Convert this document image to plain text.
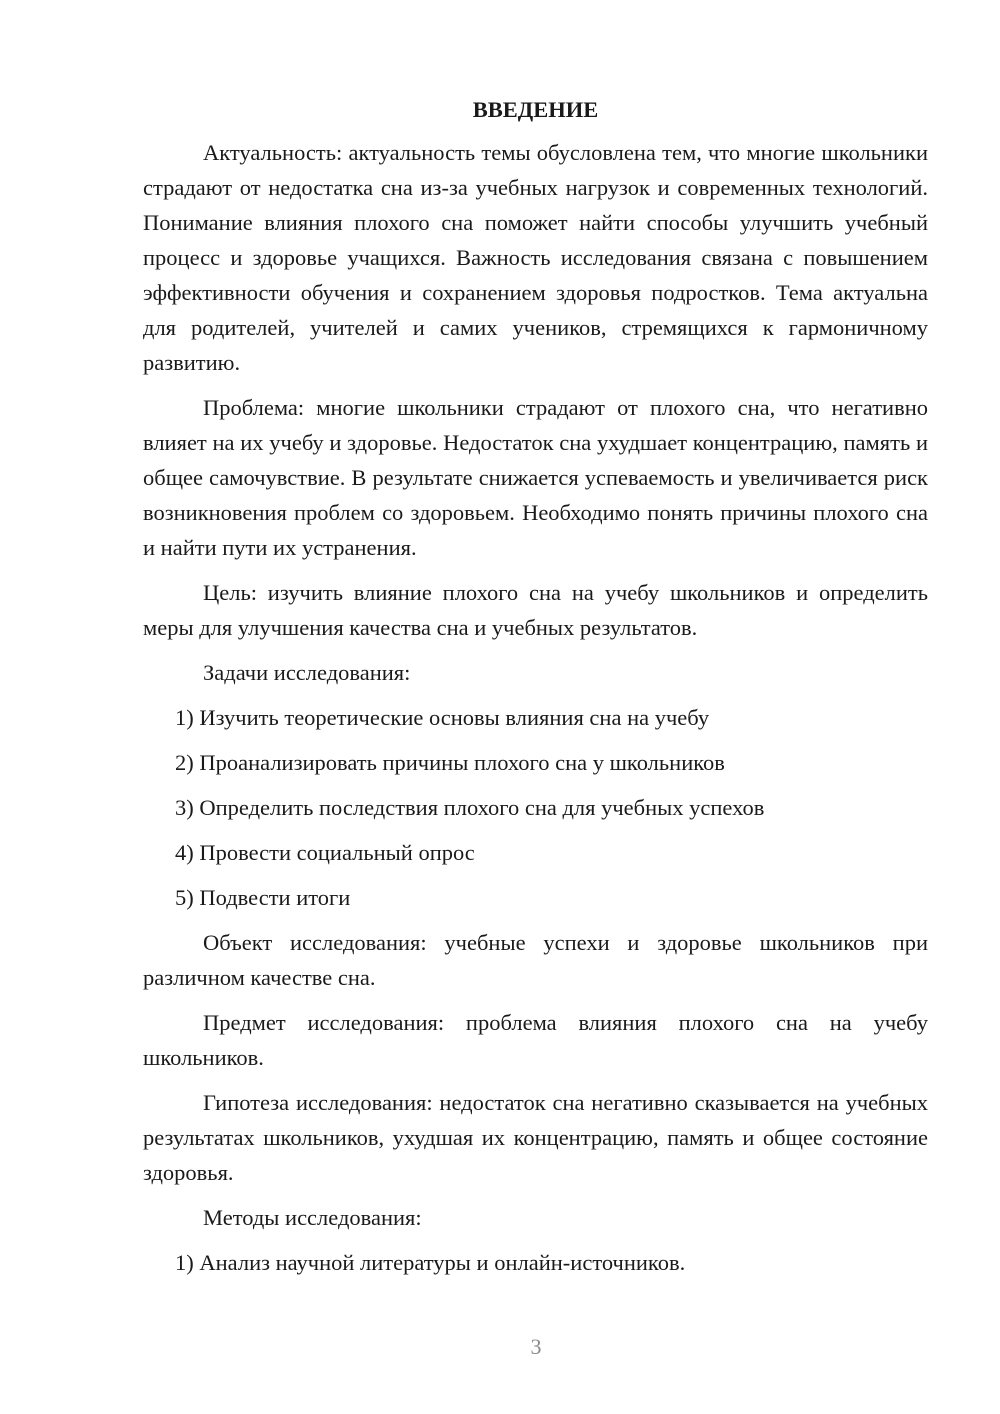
ВВЕДЕНИЕ

Актуальность: актуальность темы обусловлена тем, что многие школьники страдают от недостатка сна из-за учебных нагрузок и современных технологий. Понимание влияния плохого сна поможет найти способы улучшить учебный процесс и здоровье учащихся. Важность исследования связана с повышением эффективности обучения и сохранением здоровья подростков. Тема актуальна для родителей, учителей и самих учеников, стремящихся к гармоничному развитию.

Проблема: многие школьники страдают от плохого сна, что негативно влияет на их учебу и здоровье. Недостаток сна ухудшает концентрацию, память и общее самочувствие. В результате снижается успеваемость и увеличивается риск возникновения проблем со здоровьем. Необходимо понять причины плохого сна и найти пути их устранения.

Цель: изучить влияние плохого сна на учебу школьников и определить меры для улучшения качества сна и учебных результатов.

Задачи исследования:

1) Изучить теоретические основы влияния сна на учебу
2) Проанализировать причины плохого сна у школьников
3) Определить последствия плохого сна для учебных успехов
4) Провести социальный опрос
5) Подвести итоги

Объект исследования: учебные успехи и здоровье школьников при различном качестве сна.

Предмет исследования: проблема влияния плохого сна на учебу школьников.

Гипотеза исследования: недостаток сна негативно сказывается на учебных результатах школьников, ухудшая их концентрацию, память и общее состояние здоровья.

Методы исследования:

1) Анализ научной литературы и онлайн-источников.
3
